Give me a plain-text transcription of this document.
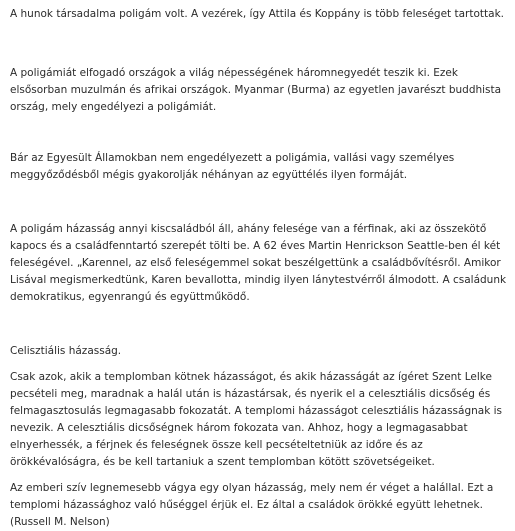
A hunok társadalma poligám volt. A vezérek, így Attila és Koppány is több feleséget tartottak.

A poligámiát elfogadó országok a világ népességének háromnegyedét teszik ki. Ezek elsősorban muzulmán és afrikai országok. Myanmar (Burma) az egyetlen javarészt buddhista ország, mely engedélyezi a poligámiát.

Bár az Egyesült Államokban nem engedélyezett a poligámia, vallási vagy személyes meggyőződésből mégis gyakorolják néhányan az együttélés ilyen formáját.

A poligám házasság annyi kiscsaládból áll, ahány felesége van a férfinak, aki az összekötő kapocs és a családfenntartó szerepét tölti be. A 62 éves Martin Henrickson Seattle-ben él két feleségével. „Karennel, az első feleségemmel sokat beszélgettünk a családbővítésről. Amikor Lisával megismerkedtünk, Karen bevallotta, mindig ilyen lánytestvérről álmodott. A családunk demokratikus, egyenrangú és együttműködő.

Celisztiális házasság.

Csak azok, akik a templomban kötnek házasságot, és akik házasságát az ígéret Szent Lelke pecsételi meg, maradnak a halál után is házastársak, és nyerik el a celesztiális dicsőség és felmagasztosulás legmagasabb fokozatát. A templomi házasságot celesztiális házasságnak is nevezik. A celesztiális dicsőségnek három fokozata van. Ahhoz, hogy a legmagasabbat elnyerhessék, a férjnek és feleségnek össze kell pecsételtetniük az időre és az örökkévalóságra, és be kell tartaniuk a szent templomban kötött szövetségeiket.

Az emberi szív legnemesebb vágya egy olyan házasság, mely nem ér véget a halállal. Ezt a templomi házassághoz való hűséggel érjük el. Ez által a családok örökké együtt lehetnek. (Russell M. Nelson)
